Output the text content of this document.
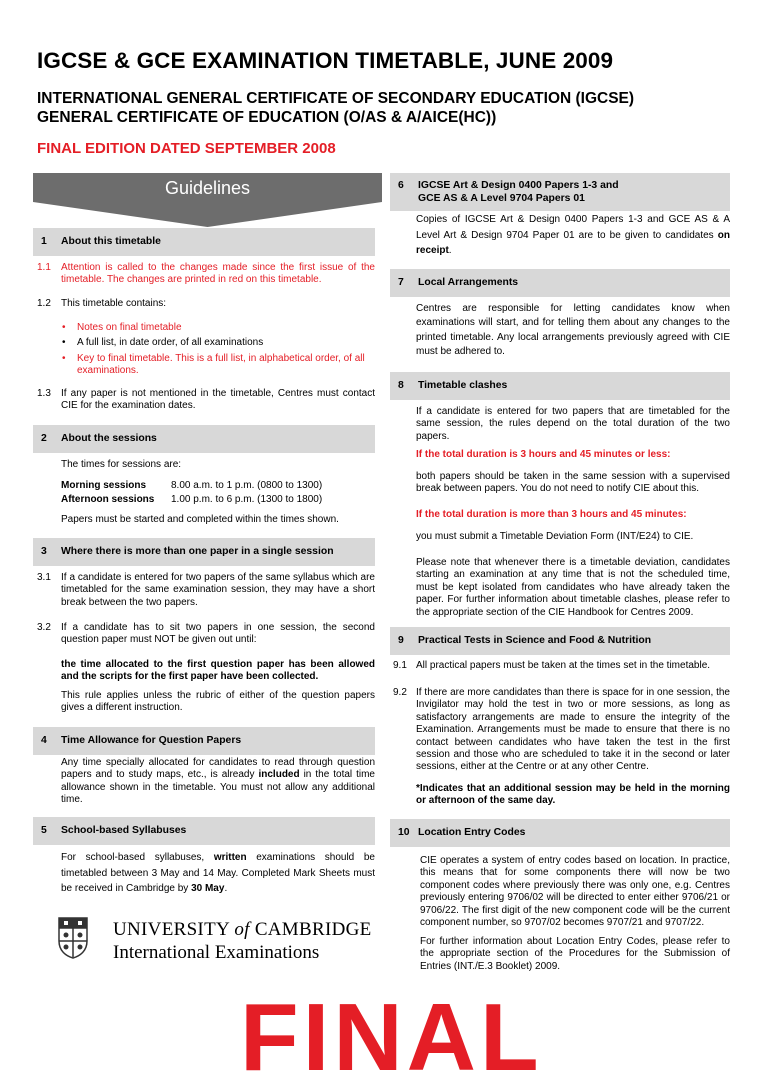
IGCSE & GCE EXAMINATION TIMETABLE, JUNE 2009
INTERNATIONAL GENERAL CERTIFICATE OF SECONDARY EDUCATION (IGCSE)
GENERAL CERTIFICATE OF EDUCATION (O/AS & A/AICE(HC))
FINAL EDITION DATED SEPTEMBER 2008
Guidelines
1	About this timetable
1.1 Attention is called to the changes made since the first issue of the timetable. The changes are printed in red on this timetable.
1.2 This timetable contains:
• Notes on final timetable
• A full list, in date order, of all examinations
• Key to final timetable. This is a full list, in alphabetical order, of all examinations.
1.3 If any paper is not mentioned in the timetable, Centres must contact CIE for the examination dates.
2	About the sessions
The times for sessions are:
Morning sessions	8.00 a.m. to 1 p.m. (0800 to 1300)
Afternoon sessions	1.00 p.m. to 6 p.m. (1300 to 1800)
Papers must be started and completed within the times shown.
3	Where there is more than one paper in a single session
3.1 If a candidate is entered for two papers of the same syllabus which are timetabled for the same examination session, they may have a short break between the two papers.
3.2 If a candidate has to sit two papers in one session, the second question paper must NOT be given out until:
the time allocated to the first question paper has been allowed and the scripts for the first paper have been collected.
This rule applies unless the rubric of either of the question papers gives a different instruction.
4	Time Allowance for Question Papers
Any time specially allocated for candidates to read through question papers and to study maps, etc., is already included in the total time allowance shown in the timetable. You must not allow any additional time.
5	School-based Syllabuses
For school-based syllabuses, written examinations should be timetabled between 3 May and 14 May. Completed Mark Sheets must be received in Cambridge by 30 May.
UNIVERSITY of CAMBRIDGE
International Examinations
6	IGCSE Art & Design 0400 Papers 1-3 and
GCE AS & A Level 9704 Papers 01
Copies of IGCSE Art & Design 0400 Papers 1-3 and GCE AS & A Level Art & Design 9704 Paper 01 are to be given to candidates on receipt.
7	Local Arrangements
Centres are responsible for letting candidates know when examinations will start, and for telling them about any changes to the printed timetable. Any local arrangements previously agreed with CIE must be adhered to.
8	Timetable clashes
If a candidate is entered for two papers that are timetabled for the same session, the rules depend on the total duration of the two papers.
If the total duration is 3 hours and 45 minutes or less:
both papers should be taken in the same session with a supervised break between papers. You do not need to notify CIE about this.
If the total duration is more than 3 hours and 45 minutes:
you must submit a Timetable Deviation Form (INT/E24) to CIE.
Please note that whenever there is a timetable deviation, candidates starting an examination at any time that is not the scheduled time, must be kept isolated from candidates who have already taken the paper. For further information about timetable clashes, please refer to the appropriate section of the CIE Handbook for Centres 2009.
9	Practical Tests in Science and Food & Nutrition
9.1 All practical papers must be taken at the times set in the timetable.
9.2 If there are more candidates than there is space for in one session, the Invigilator may hold the test in two or more sessions, as long as satisfactory arrangements are made to ensure the integrity of the Examination. Arrangements must be made to ensure that there is no contact between candidates who have taken the test in the first session and those who are scheduled to take it in the second or later sessions, either at the Centre or at any other Centre.
*Indicates that an additional session may be held in the morning or afternoon of the same day.
10 Location Entry Codes
CIE operates a system of entry codes based on location. In practice, this means that for some components there will now be two component codes where previously there was only one, e.g. Centres previously entering 9706/02 will be directed to enter either 9706/21 or 9706/22. The first digit of the new component code will be the current component number, so 9707/02 becomes 9707/21 and 9707/22.
For further information about Location Entry Codes, please refer to the appropriate section of the Procedures for the Submission of Entries (INT./E.3 Booklet) 2009.
FINAL
